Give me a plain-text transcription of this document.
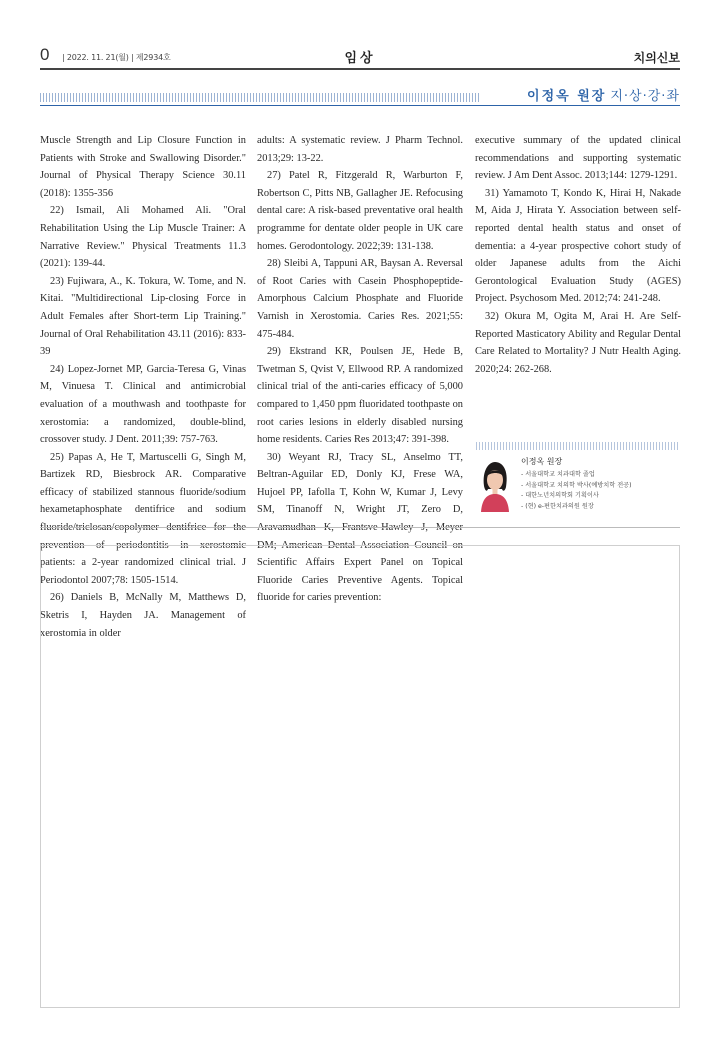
0 | 2022. 11. 21(월) | 제2934호	임상	치의신보
이정옥 원장 지·상·강·좌

Muscle Strength and Lip Closure Function in Patients with Stroke and Swallowing Disorder." Journal of Physical Therapy Science 30.11 (2018): 1355-356

22) Ismail, Ali Mohamed Ali. "Oral Rehabilitation Using the Lip Muscle Trainer: A Narrative Review." Physical Treatments 11.3 (2021): 139-44.

23) Fujiwara, A., K. Tokura, W. Tome, and N. Kitai. "Multidirectional Lip-closing Force in Adult Females after Short-term Lip Training." Journal of Oral Rehabilitation 43.11 (2016): 833-39

24) Lopez-Jornet MP, Garcia-Teresa G, Vinas M, Vinuesa T. Clinical and antimicrobial evaluation of a mouthwash and toothpaste for xerostomia: a randomized, double-blind, crossover study. J Dent. 2011;39: 757-763.

25) Papas A, He T, Martuscelli G, Singh M, Bartizek RD, Biesbrock AR. Comparative efficacy of stabilized stannous fluoride/sodium hexametaphosphate dentifrice and sodium prevention of periodontitis in xerostomic patients: a 2-year randomized clinical trial. J Periodontol 2007;78: 1505-1514.

26) Daniels B, McNally M, Matthews D, Sketris I, Hayden JA. Management of xerostomia in older

adults: A systematic review. J Pharm Technol. 2013;29: 13-22.

27) Patel R, Fitzgerald R, Warburton F, Robertson C, Pitts NB, Gallagher JE. Refocusing dental care: A risk-based preventative oral health programme for dentate older people in UK care homes. Gerodontology. 2022;39: 131-138.

28) Sleibi A, Tappuni AR, Baysan A. Reversal of Root Caries with Casein Phosphopeptide-Amorphous Calcium Phosphate and Fluoride Varnish in Xerostomia. Caries Res. 2021;55: 475-484.

29) Ekstrand KR, Poulsen JE, Hede B, Twetman S, Qvist V, Ellwood RP. A randomized clinical trial of the anti-caries efficacy of 5,000 compared to 1,450 ppm fluoridated toothpaste on root caries lesions in elderly disabled nursing home residents. Caries Res 2013;47: 391-398.

30) Weyant RJ, Tracy SL, Anselmo TT, Beltran-Aguilar ED, Donly KJ, Frese WA, Hujoel PP, Iafolla T, Kohn W, Kumar J, Levy SM, Tinanoff N, Wright JT, Zero D, DM; American Dental Association Council on Scientific Affairs Expert Panel on Topical Fluoride Caries Preventive Agents. Topical fluoride for caries prevention:

executive summary of the updated clinical recommendations and supporting systematic review. J Am Dent Assoc. 2013;144: 1279-1291.

31) Yamamoto T, Kondo K, Hirai H, Nakade M, Aida J, Hirata Y. Association between self-reported dental health status and onset of dementia: a 4-year prospective cohort study of older Japanese adults from the Aichi Gerontological Evaluation Study (AGES) Project. Psychosom Med. 2012;74: 241-248.

32) Okura M, Ogita M, Arai H. Are Self-Reported Masticatory Ability and Regular Dental Care Related to Mortality? J Nutr Health Aging. 2020;24: 262-268.

이정옥 원장
- 서울대학교 치과대학 졸업
- 서울대학교 치의학 박사(예방치학 전공)
- 대한노년치의학회 기획이사
- (현) e-편한치과의원 원장
